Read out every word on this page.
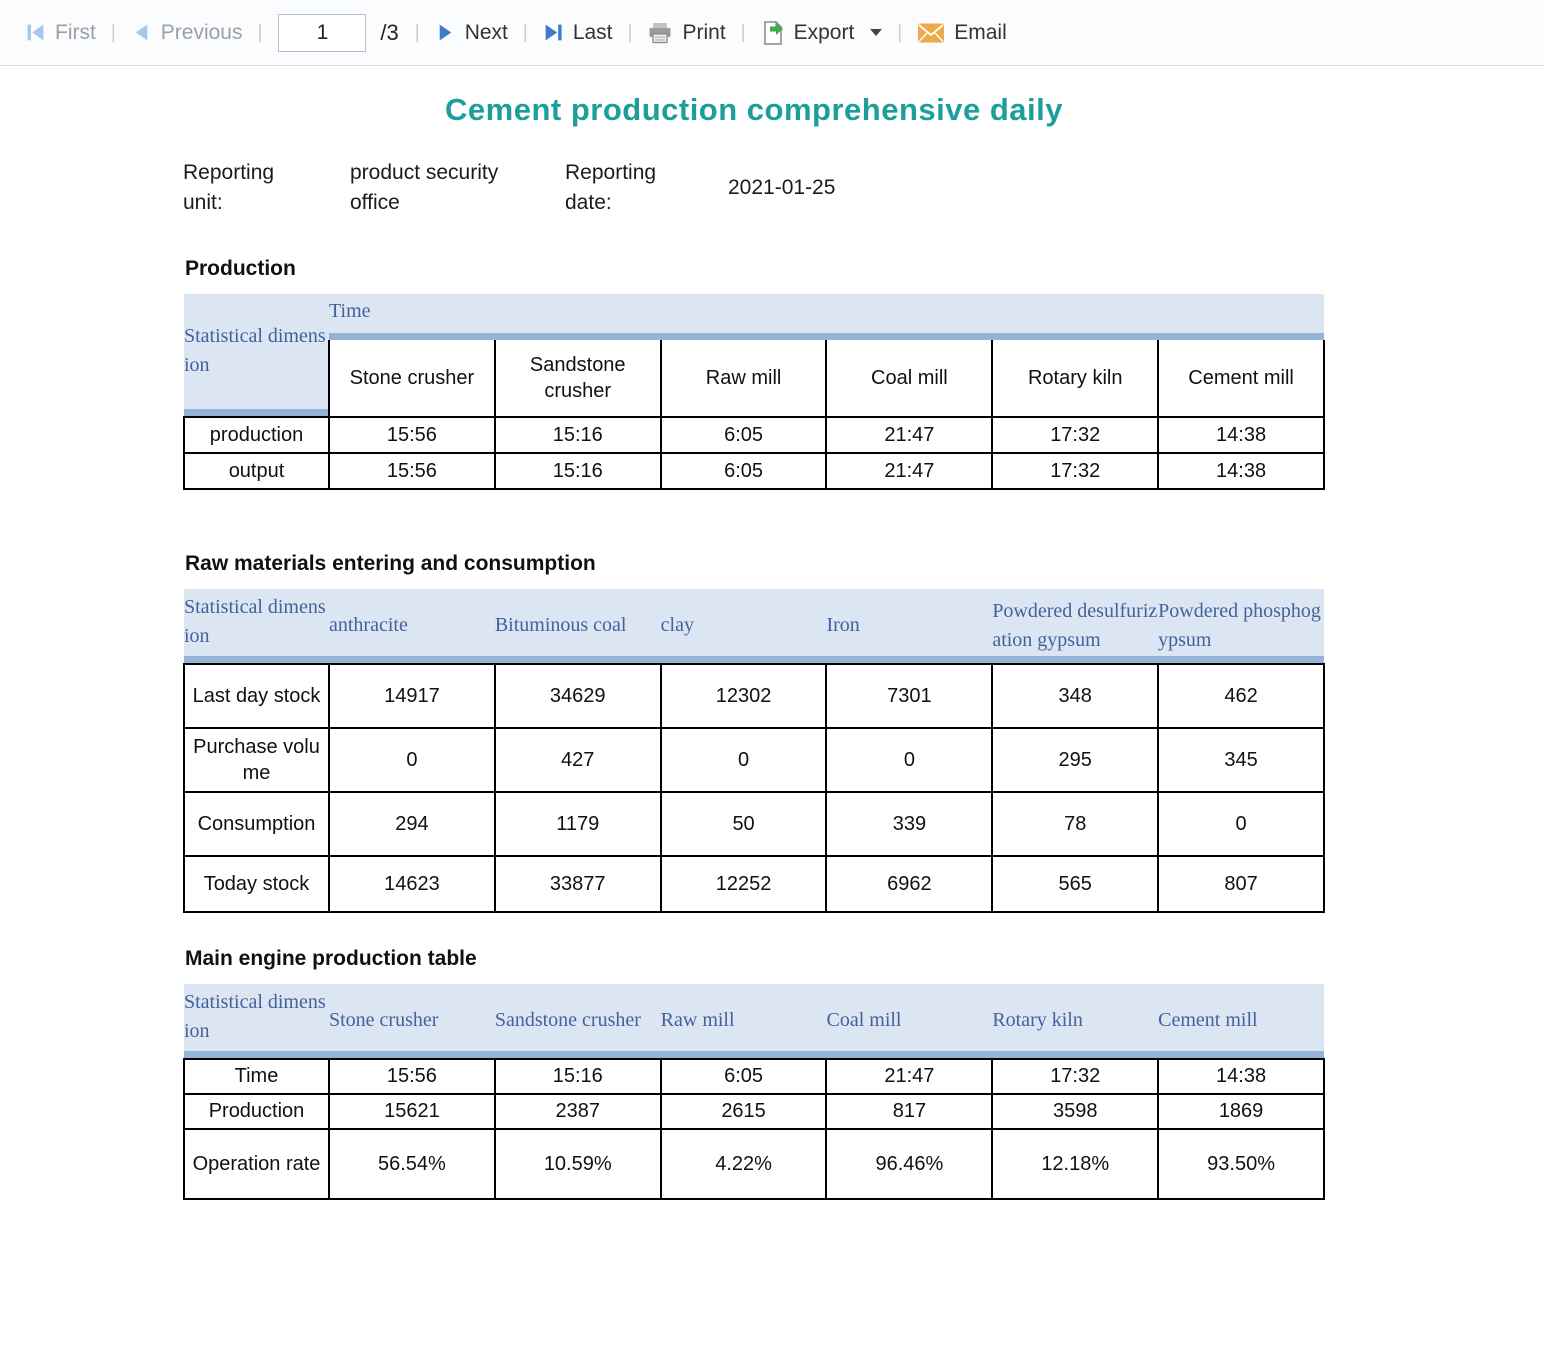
First | Previous |
1	/3 | Next | Last | Print | Export | Email
Cement production comprehensive daily
Reporting unit:
product security office
Reporting date:
2021-01-25
Production
Statistical dimension	Time					
	Stone crusher	Sandstone crusher	Raw mill	Coal mill	Rotary kiln	Cement mill
production	15:56	15:16	6:05	21:47	17:32	14:38
output	15:56	15:16	6:05	21:47	17:32	14:38
Raw materials entering and consumption
Statistical dimension	anthracite	Bituminous coal	clay	Iron	Powdered desulfurization gypsum	Powdered phosphogypsum
Last day stock	14917	34629	12302	7301	348	462
Purchase volume	0	427	0	0	295	345
Consumption	294	1179	50	339	78	0
Today stock	14623	33877	12252	6962	565	807
Main engine production table
Statistical dimension	Stone crusher	Sandstone crusher	Raw mill	Coal mill	Rotary kiln	Cement mill
Time	15:56	15:16	6:05	21:47	17:32	14:38
Production	15621	2387	2615	817	3598	1869
Operation rate	56.54%	10.59%	4.22%	96.46%	12.18%	93.50%
